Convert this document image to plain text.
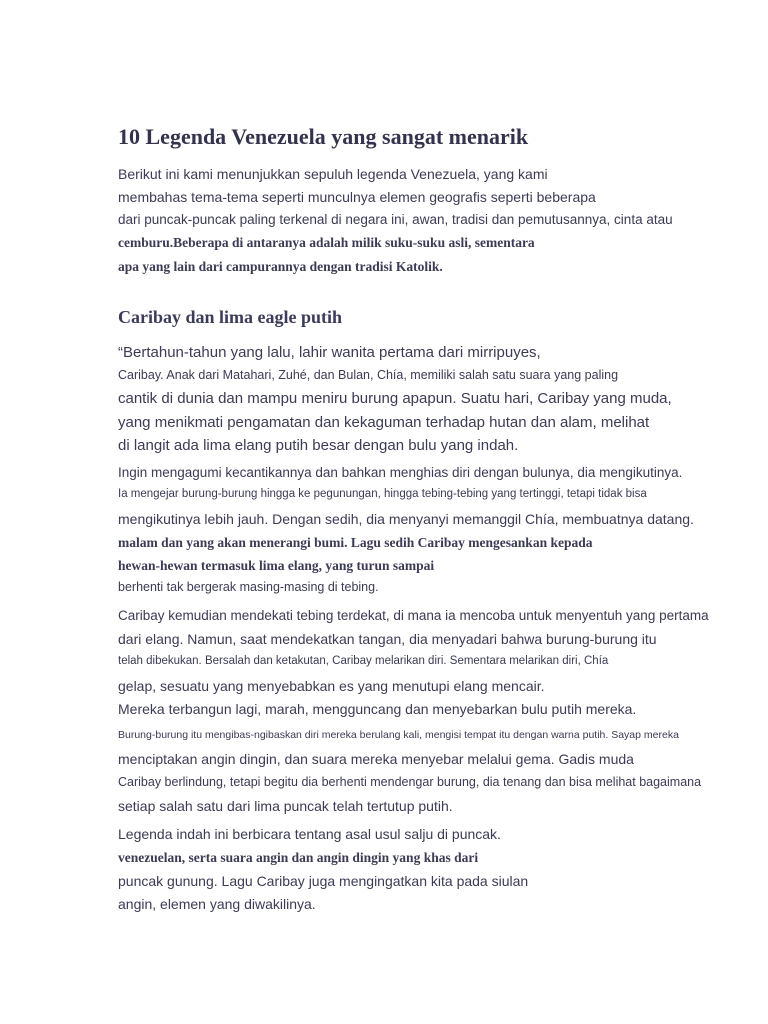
10 Legenda Venezuela yang sangat menarik
Berikut ini kami menunjukkan sepuluh legenda Venezuela, yang kami
membahas tema-tema seperti munculnya elemen geografis seperti beberapa
dari puncak-puncak paling terkenal di negara ini, awan, tradisi dan pemutusannya, cinta atau
cemburu.Beberapa di antaranya adalah milik suku-suku asli, sementara
apa yang lain dari campurannya dengan tradisi Katolik.
Caribay dan lima eagle putih
“Bertahun-tahun yang lalu, lahir wanita pertama dari mirripuyes,
Caribay. Anak dari Matahari, Zuhé, dan Bulan, Chía, memiliki salah satu suara yang paling
cantik di dunia dan mampu meniru burung apapun. Suatu hari, Caribay yang muda,
yang menikmati pengamatan dan kekaguman terhadap hutan dan alam, melihat
di langit ada lima elang putih besar dengan bulu yang indah.
Ingin mengagumi kecantikannya dan bahkan menghias diri dengan bulunya, dia mengikutinya.
Ia mengejar burung-burung hingga ke pegunungan, hingga tebing-tebing yang tertinggi, tetapi tidak bisa
mengikutinya lebih jauh. Dengan sedih, dia menyanyi memanggil Chía, membuatnya datang.
malam dan yang akan menerangi bumi. Lagu sedih Caribay mengesankan kepada
hewan-hewan termasuk lima elang, yang turun sampai
berhenti tak bergerak masing-masing di tebing.
Caribay kemudian mendekati tebing terdekat, di mana ia mencoba untuk menyentuh yang pertama
dari elang. Namun, saat mendekatkan tangan, dia menyadari bahwa burung-burung itu
telah dibekukan. Bersalah dan ketakutan, Caribay melarikan diri. Sementara melarikan diri, Chía
gelap, sesuatu yang menyebabkan es yang menutupi elang mencair.
Mereka terbangun lagi, marah, mengguncang dan menyebarkan bulu putih mereka.
Burung-burung itu mengibas-ngibaskan diri mereka berulang kali, mengisi tempat itu dengan warna putih. Sayap mereka
menciptakan angin dingin, dan suara mereka menyebar melalui gema. Gadis muda
Caribay berlindung, tetapi begitu dia berhenti mendengar burung, dia tenang dan bisa melihat bagaimana
setiap salah satu dari lima puncak telah tertutup putih.
Legenda indah ini berbicara tentang asal usul salju di puncak.
venezuelan, serta suara angin dan angin dingin yang khas dari
puncak gunung. Lagu Caribay juga mengingatkan kita pada siulan
angin, elemen yang diwakilinya.
